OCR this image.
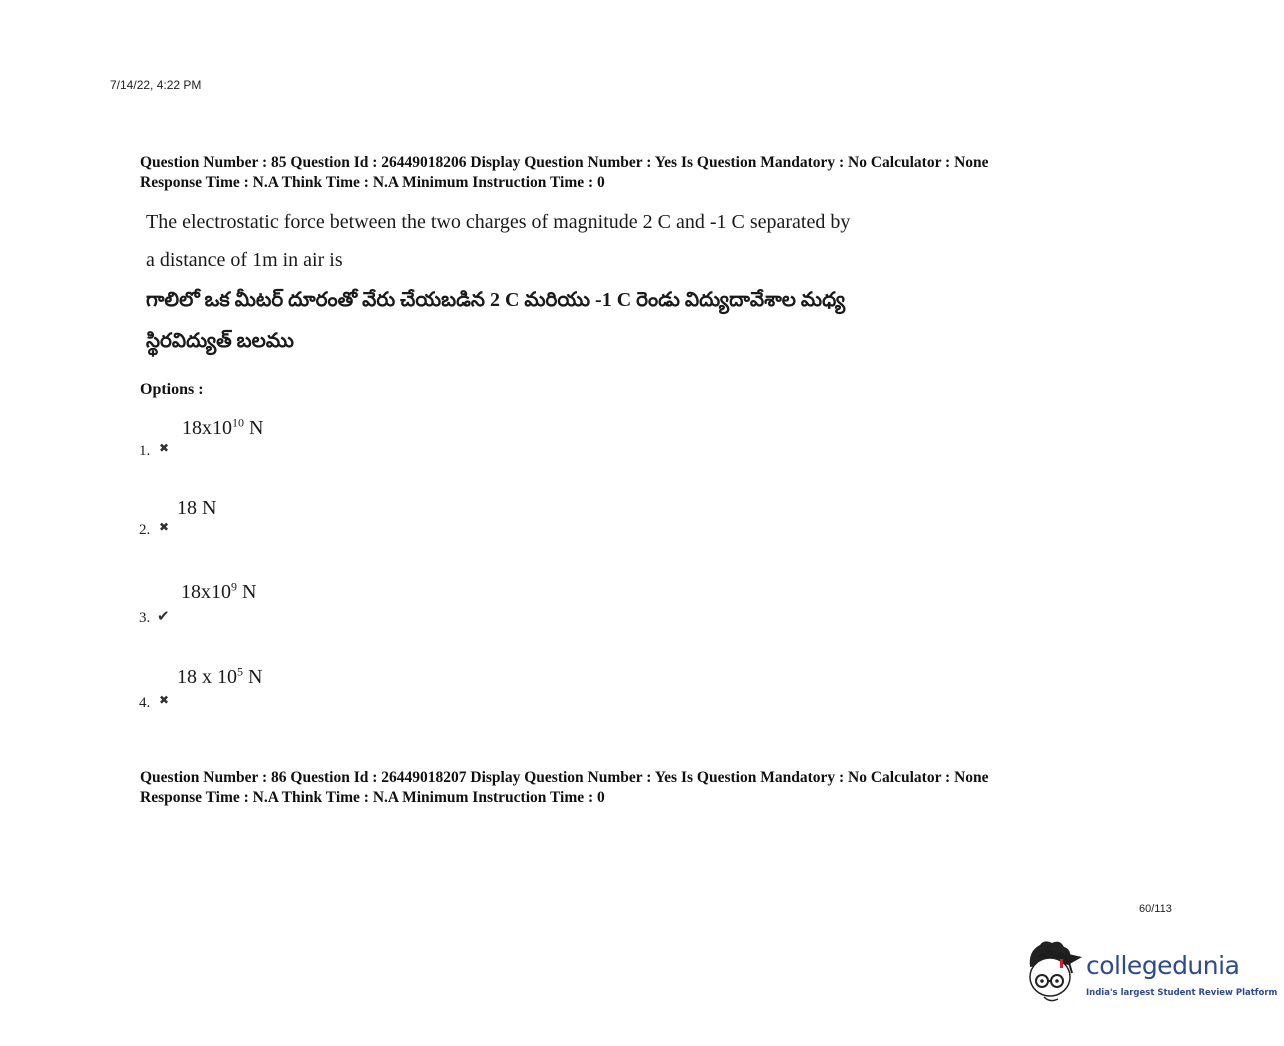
7/14/22, 4:22 PM
Question Number : 85 Question Id : 26449018206 Display Question Number : Yes Is Question Mandatory : No Calculator : None
Response Time : N.A Think Time : N.A Minimum Instruction Time : 0
The electrostatic force between the two charges of magnitude 2 C and -1 C separated by
a distance of 1m in air is
గాలిలో ఒక మీటర్ దూరంతో వేరు చేయబడిన 2 C మరియు -1 C రెండు విద్యుదావేశాల మధ్య
స్థిరవిద్యుత్ బలము
Options :
$18x10^{10}$ N
1. ✖
18 N
2. ✖
$18x10^9$ N
3. ✔
18 x $10^5$ N
4. ✖
Question Number : 86 Question Id : 26449018207 Display Question Number : Yes Is Question Mandatory : No Calculator : None
Response Time : N.A Think Time : N.A Minimum Instruction Time : 0
60/113
collegedunia
India's largest Student Review Platform
